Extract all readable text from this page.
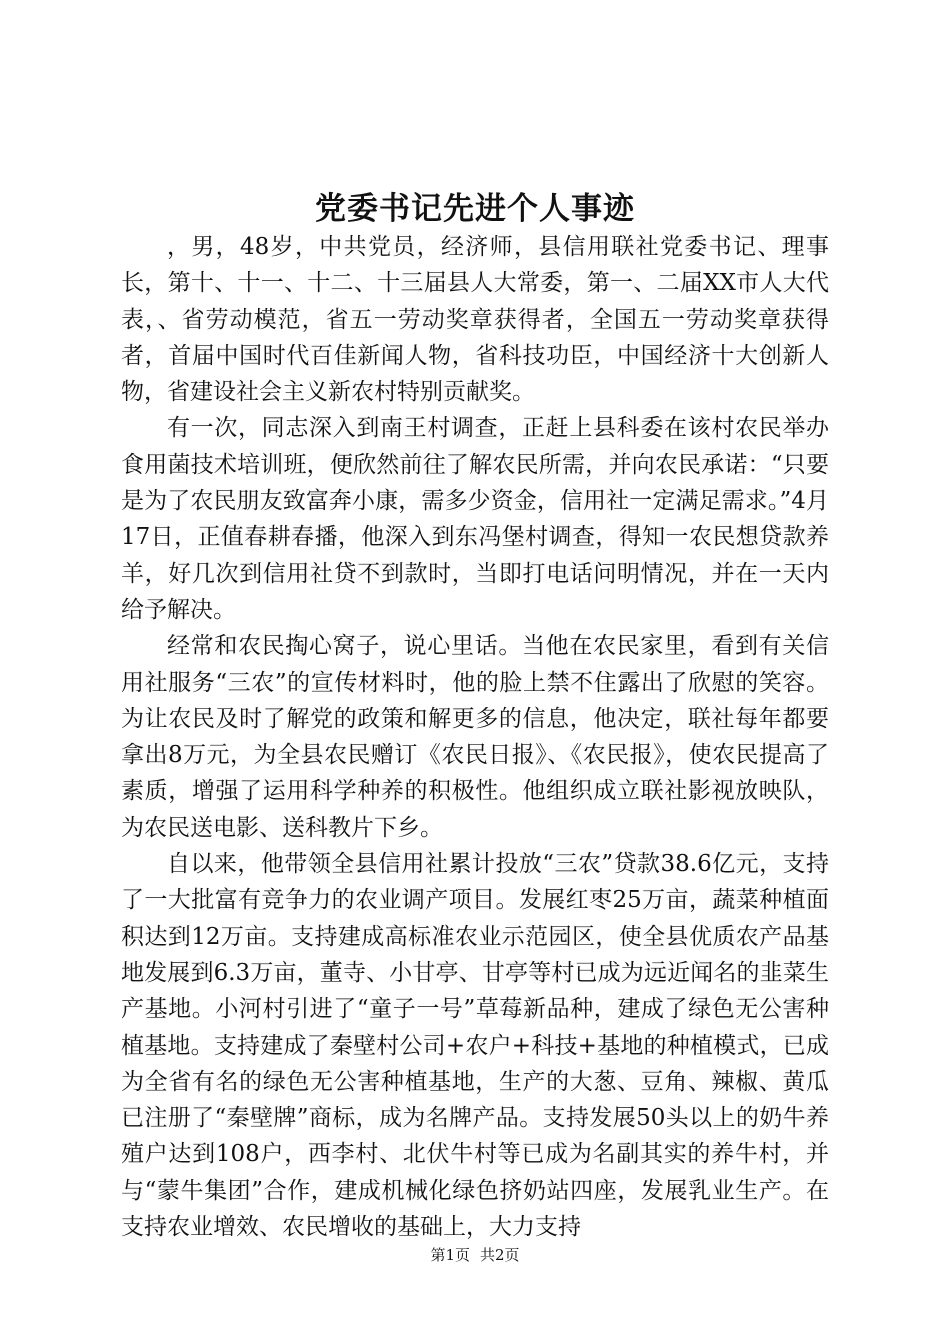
党委书记先进个人事迹

，男，48岁，中共党员，经济师，县信用联社党委书记、理事长，第十、十一、十二、十三届县人大常委，第一、二届XX市人大代表，、省劳动模范，省五一劳动奖章获得者，全国五一劳动奖章获得者，首届中国时代百佳新闻人物，省科技功臣，中国经济十大创新人物，省建设社会主义新农村特别贡献奖。

有一次，同志深入到南王村调查，正赶上县科委在该村农民举办食用菌技术培训班，便欣然前往了解农民所需，并向农民承诺：“只要是为了农民朋友致富奔小康，需多少资金，信用社一定满足需求。”4月17日，正值春耕春播，他深入到东冯堡村调查，得知一农民想贷款养羊，好几次到信用社贷不到款时，当即打电话问明情况，并在一天内给予解决。

经常和农民掏心窝子，说心里话。当他在农民家里，看到有关信用社服务“三农”的宣传材料时，他的脸上禁不住露出了欣慰的笑容。为让农民及时了解党的政策和解更多的信息，他决定，联社每年都要拿出8万元，为全县农民赠订《农民日报》、《农民报》，使农民提高了素质，增强了运用科学种养的积极性。他组织成立联社影视放映队，为农民送电影、送科教片下乡。

自以来，他带领全县信用社累计投放“三农”贷款38.6亿元，支持了一大批富有竞争力的农业调产项目。发展红枣25万亩，蔬菜种植面积达到12万亩。支持建成高标准农业示范园区，使全县优质农产品基地发展到6.3万亩，董寺、小甘亭、甘亭等村已成为远近闻名的韭菜生产基地。小河村引进了“童子一号”草莓新品种，建成了绿色无公害种植基地。支持建成了秦壁村公司+农户+科技+基地的种植模式，已成为全省有名的绿色无公害种植基地，生产的大葱、豆角、辣椒、黄瓜已注册了“秦壁牌”商标，成为名牌产品。支持发展50头以上的奶牛养殖户达到108户，西李村、北伏牛村等已成为名副其实的养牛村，并与“蒙牛集团”合作，建成机械化绿色挤奶站四座，发展乳业生产。在支持农业增效、农民增收的基础上，大力支持

第1页 共2页
